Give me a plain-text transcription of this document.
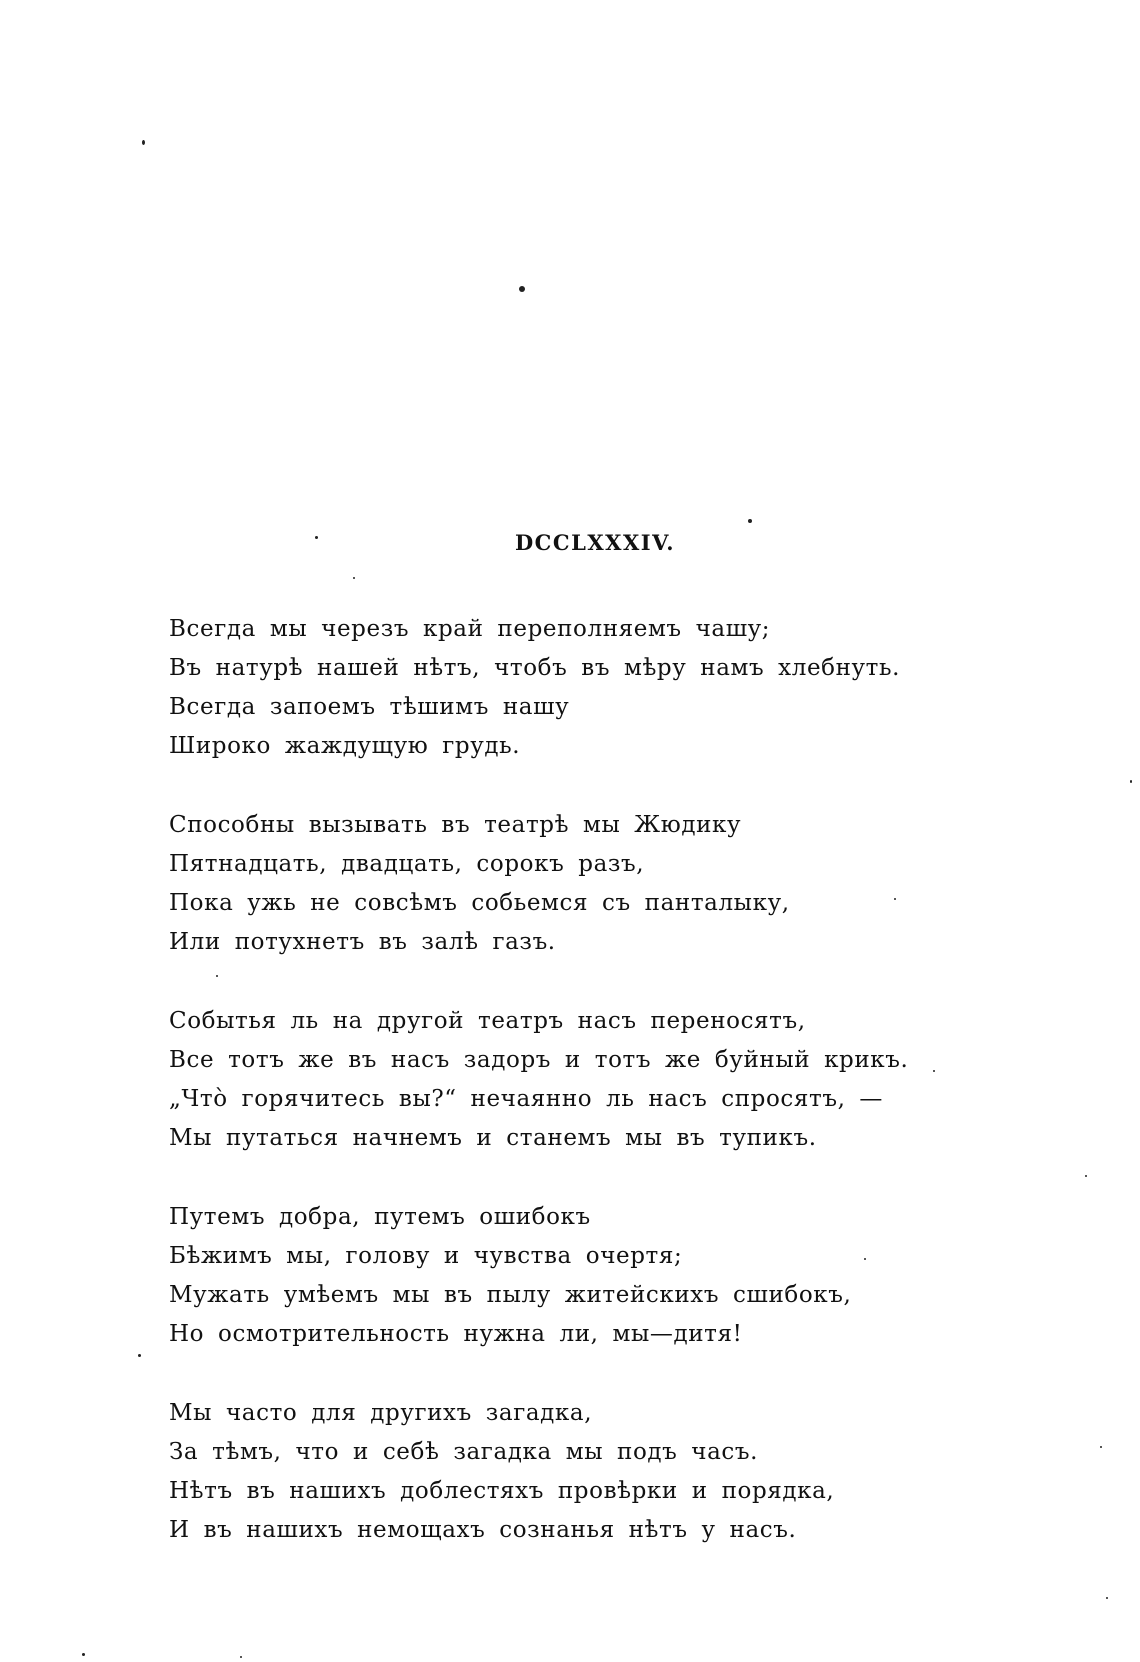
DCCLXXXIV.
Всегда мы черезъ край переполняемъ чашу;
Въ натурѣ нашей нѣтъ, чтобъ въ мѣру намъ хлебнуть.
Всегда запоемъ тѣшимъ нашу
Широко жаждущую грудь.
Способны вызывать въ театрѣ мы Жюдику
Пятнадцать, двадцать, сорокъ разъ,
Пока ужь не совсѣмъ собьемся съ панталыку,
Или потухнетъ въ залѣ газъ.
Событья ль на другой театръ насъ переносятъ,
Все тотъ же въ насъ задоръ и тотъ же буйный крикъ.
„Чтò горячитесь вы?“ нечаянно ль насъ спросятъ, —
Мы путаться начнемъ и станемъ мы въ тупикъ.
Путемъ добра, путемъ ошибокъ
Бѣжимъ мы, голову и чувства очертя;
Мужать умѣемъ мы въ пылу житейскихъ сшибокъ,
Но осмотрительность нужна ли, мы—дитя!
Мы часто для другихъ загадка,
За тѣмъ, что и себѣ загадка мы подъ часъ.
Нѣтъ въ нашихъ доблестяхъ провѣрки и порядка,
И въ нашихъ немощахъ сознанья нѣтъ у насъ.
